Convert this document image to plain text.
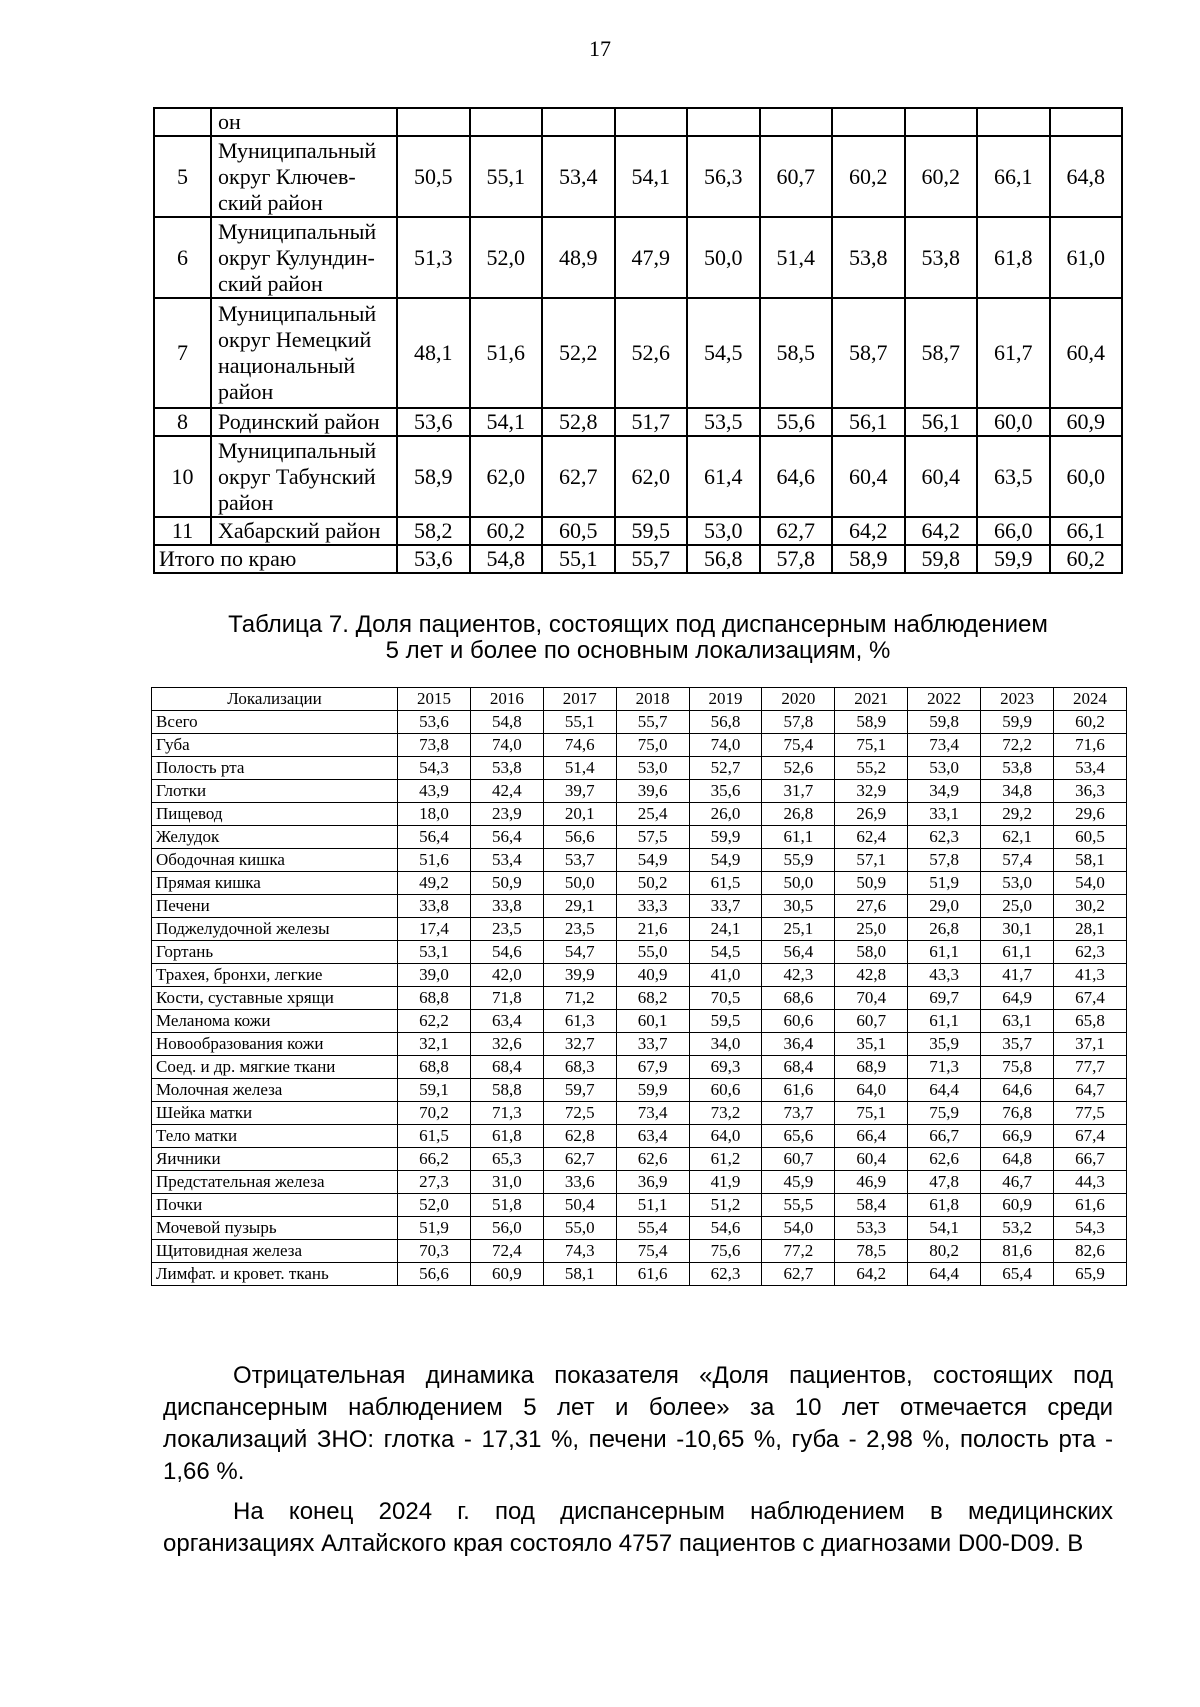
17
	он										
5	Муниципальный округ Ключев-ский район	50,5	55,1	53,4	54,1	56,3	60,7	60,2	60,2	66,1	64,8
6	Муниципальный округ Кулундин-ский район	51,3	52,0	48,9	47,9	50,0	51,4	53,8	53,8	61,8	61,0
7	Муниципальный округ Немецкий национальный район	48,1	51,6	52,2	52,6	54,5	58,5	58,7	58,7	61,7	60,4
8	Родинский район	53,6	54,1	52,8	51,7	53,5	55,6	56,1	56,1	60,0	60,9
10	Муниципальный округ Табунский район	58,9	62,0	62,7	62,0	61,4	64,6	60,4	60,4	63,5	60,0
11	Хабарский район	58,2	60,2	60,5	59,5	53,0	62,7	64,2	64,2	66,0	66,1
Итого по краю		53,6	54,8	55,1	55,7	56,8	57,8	58,9	59,8	59,9	60,2
Таблица 7. Доля пациентов, состоящих под диспансерным наблюдением
5 лет и более по основным локализациям, %
Локализации	2015	2016	2017	2018	2019	2020	2021	2022	2023	2024
Всего	53,6	54,8	55,1	55,7	56,8	57,8	58,9	59,8	59,9	60,2
Губа	73,8	74,0	74,6	75,0	74,0	75,4	75,1	73,4	72,2	71,6
Полость рта	54,3	53,8	51,4	53,0	52,7	52,6	55,2	53,0	53,8	53,4
Глотки	43,9	42,4	39,7	39,6	35,6	31,7	32,9	34,9	34,8	36,3
Пищевод	18,0	23,9	20,1	25,4	26,0	26,8	26,9	33,1	29,2	29,6
Желудок	56,4	56,4	56,6	57,5	59,9	61,1	62,4	62,3	62,1	60,5
Ободочная кишка	51,6	53,4	53,7	54,9	54,9	55,9	57,1	57,8	57,4	58,1
Прямая кишка	49,2	50,9	50,0	50,2	61,5	50,0	50,9	51,9	53,0	54,0
Печени	33,8	33,8	29,1	33,3	33,7	30,5	27,6	29,0	25,0	30,2
Поджелудочной железы	17,4	23,5	23,5	21,6	24,1	25,1	25,0	26,8	30,1	28,1
Гортань	53,1	54,6	54,7	55,0	54,5	56,4	58,0	61,1	61,1	62,3
Трахея, бронхи, легкие	39,0	42,0	39,9	40,9	41,0	42,3	42,8	43,3	41,7	41,3
Кости, суставные хрящи	68,8	71,8	71,2	68,2	70,5	68,6	70,4	69,7	64,9	67,4
Меланома кожи	62,2	63,4	61,3	60,1	59,5	60,6	60,7	61,1	63,1	65,8
Новообразования кожи	32,1	32,6	32,7	33,7	34,0	36,4	35,1	35,9	35,7	37,1
Соед. и др. мягкие ткани	68,8	68,4	68,3	67,9	69,3	68,4	68,9	71,3	75,8	77,7
Молочная железа	59,1	58,8	59,7	59,9	60,6	61,6	64,0	64,4	64,6	64,7
Шейка матки	70,2	71,3	72,5	73,4	73,2	73,7	75,1	75,9	76,8	77,5
Тело матки	61,5	61,8	62,8	63,4	64,0	65,6	66,4	66,7	66,9	67,4
Яичники	66,2	65,3	62,7	62,6	61,2	60,7	60,4	62,6	64,8	66,7
Предстательная железа	27,3	31,0	33,6	36,9	41,9	45,9	46,9	47,8	46,7	44,3
Почки	52,0	51,8	50,4	51,1	51,2	55,5	58,4	61,8	60,9	61,6
Мочевой пузырь	51,9	56,0	55,0	55,4	54,6	54,0	53,3	54,1	53,2	54,3
Щитовидная железа	70,3	72,4	74,3	75,4	75,6	77,2	78,5	80,2	81,6	82,6
Лимфат. и кровет. ткань	56,6	60,9	58,1	61,6	62,3	62,7	64,2	64,4	65,4	65,9
Отрицательная динамика показателя «Доля пациентов, состоящих под диспансерным наблюдением 5 лет и более» за 10 лет отмечается среди локализаций ЗНО: глотка - 17,31 %, печени -10,65 %, губа - 2,98 %, полость рта - 1,66 %.
На конец 2024 г. под диспансерным наблюдением в медицинских организациях Алтайского края состояло 4757 пациентов с диагнозами D00-D09. В
